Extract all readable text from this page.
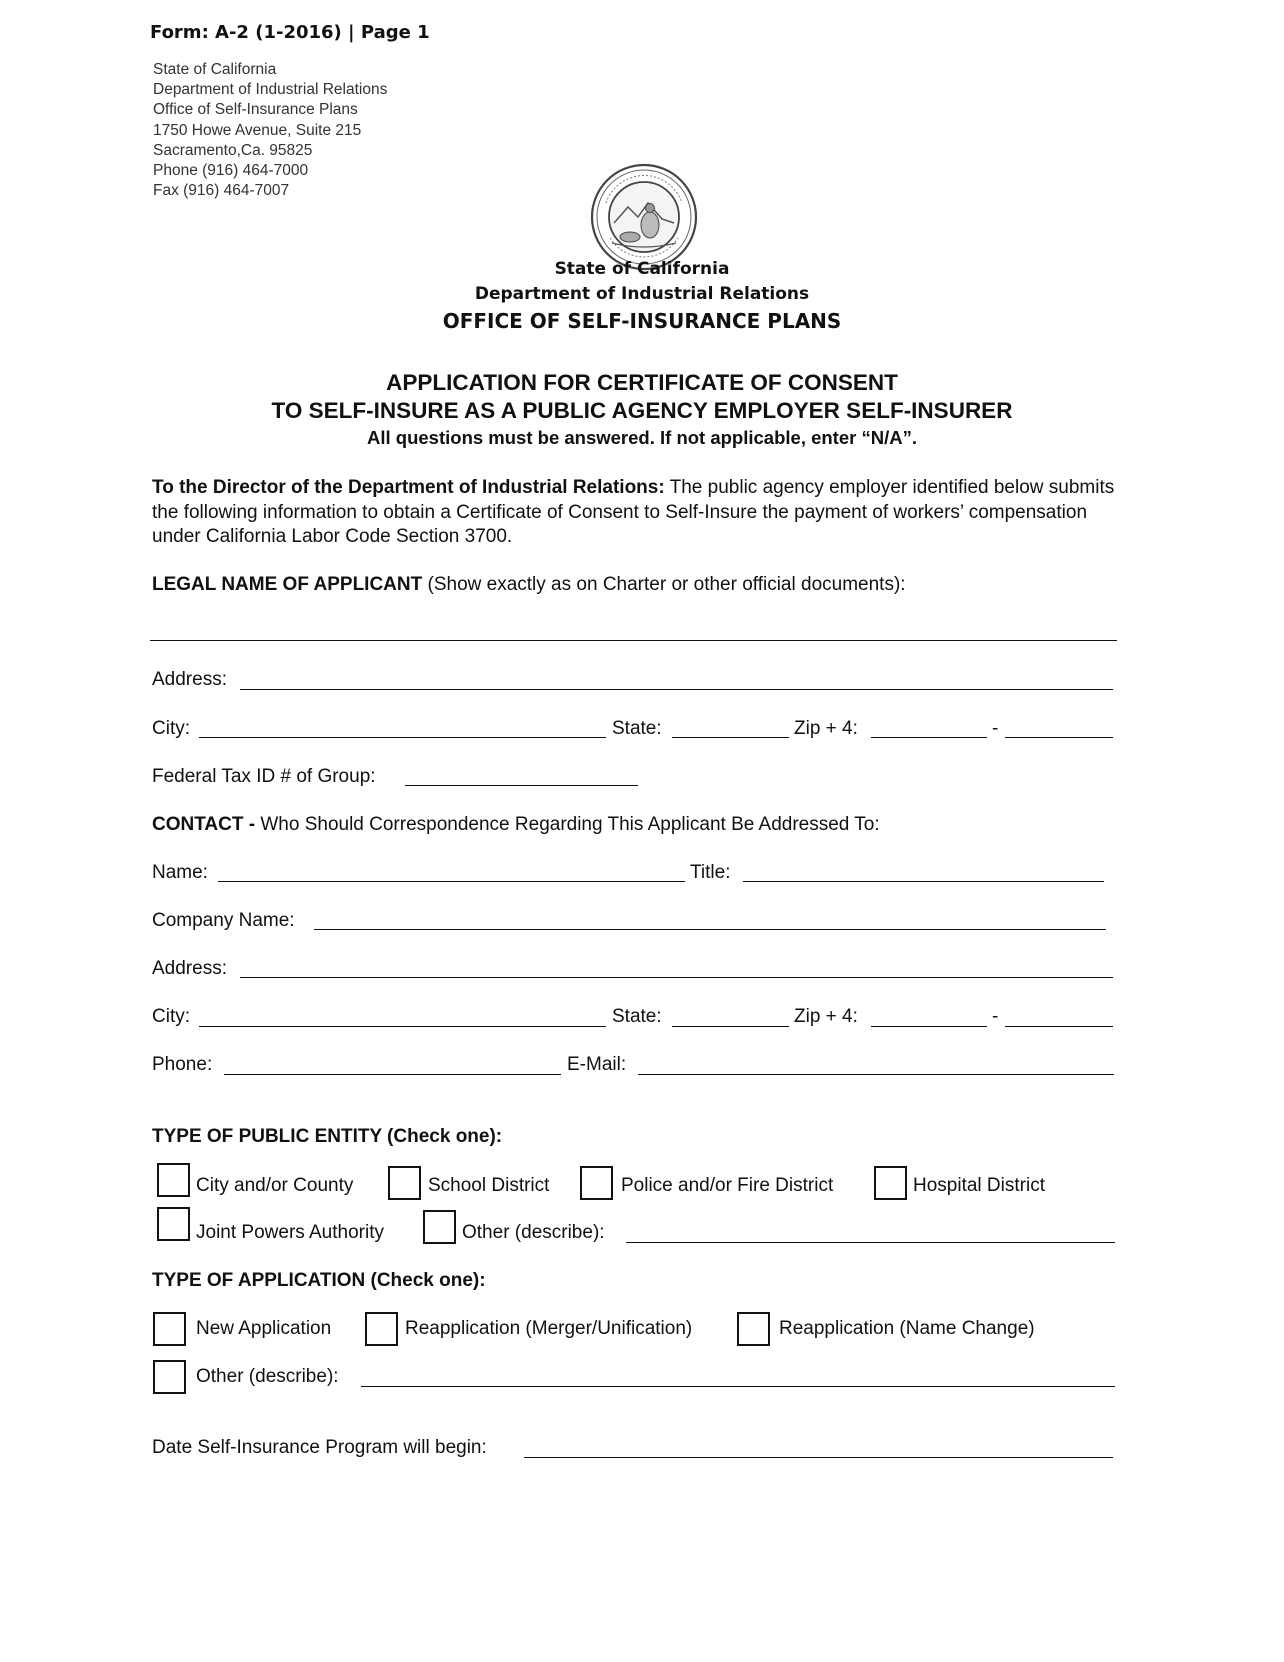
Form: A-2 (1-2016) | Page 1
State of California
Department of Industrial Relations
Office of Self-Insurance Plans
1750 Howe Avenue, Suite 215
Sacramento,Ca. 95825
Phone (916) 464-7000
Fax (916) 464-7007
State of California
Department of Industrial Relations
OFFICE OF SELF-INSURANCE PLANS
APPLICATION FOR CERTIFICATE OF CONSENT
TO SELF-INSURE AS A PUBLIC AGENCY EMPLOYER SELF-INSURER
All questions must be answered. If not applicable, enter “N/A”.
To the Director of the Department of Industrial Relations: The public agency employer identified below submits the following information to obtain a Certificate of Consent to Self-Insure the payment of workers’ compensation under California Labor Code Section 3700.
LEGAL NAME OF APPLICANT (Show exactly as on Charter or other official documents):
Address:
City:	State:	Zip + 4:	-
Federal Tax ID # of Group:
CONTACT - Who Should Correspondence Regarding This Applicant Be Addressed To:
Name:	Title:
Company Name:
Address:
City:	State:	Zip + 4:	-
Phone:	E-Mail:
TYPE OF PUBLIC ENTITY (Check one):
City and/or County	School District	Police and/or Fire District	Hospital District
Joint Powers Authority	Other (describe):
TYPE OF APPLICATION (Check one):
New Application	Reapplication (Merger/Unification)	Reapplication (Name Change)
Other (describe):
Date Self-Insurance Program will begin:
